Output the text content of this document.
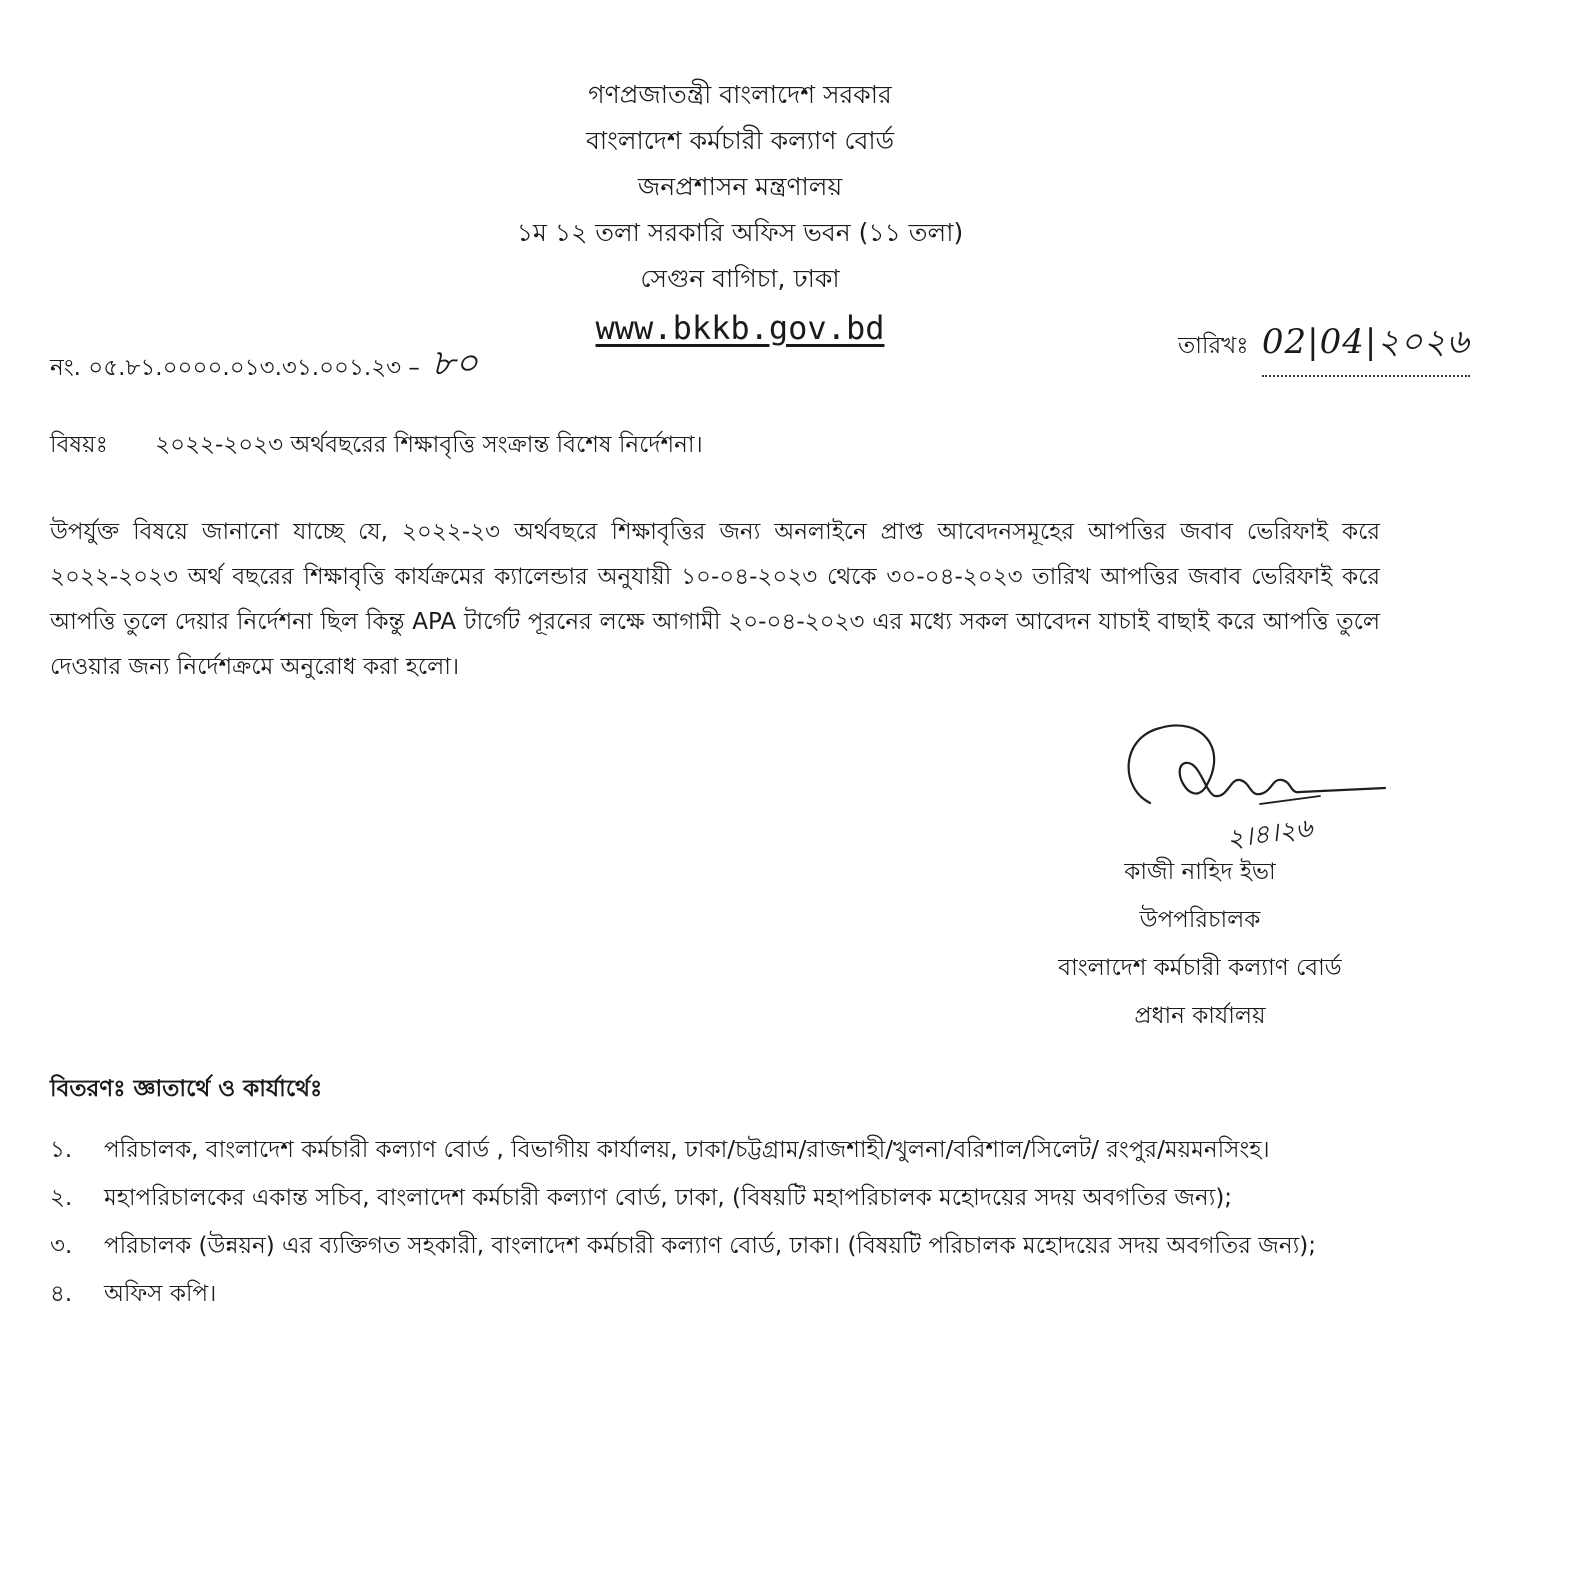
গণপ্রজাতন্ত্রী বাংলাদেশ সরকার
বাংলাদেশ কর্মচারী কল্যাণ বোর্ড
জনপ্রশাসন মন্ত্রণালয়
১ম ১২ তলা সরকারি অফিস ভবন (১১ তলা)
সেগুন বাগিচা, ঢাকা
www.bkkb.gov.bd
নং. ০৫.৮১.০০০০.০১৩.৩১.০০১.২৩ – ৮০	তারিখঃ 02|04|২০২৬
বিষয়ঃ ২০২২-২০২৩ অর্থবছরের শিক্ষাবৃত্তি সংক্রান্ত বিশেষ নির্দেশনা।
উপর্যুক্ত বিষয়ে জানানো যাচ্ছে যে, ২০২২-২৩ অর্থবছরে শিক্ষাবৃত্তির জন্য অনলাইনে প্রাপ্ত আবেদনসমূহের আপত্তির জবাব ভেরিফাই করে ২০২২-২০২৩ অর্থ বছরের শিক্ষাবৃত্তি কার্যক্রমের ক্যালেন্ডার অনুযায়ী ১০-০৪-২০২৩ থেকে ৩০-০৪-২০২৩ তারিখ আপত্তির জবাব ভেরিফাই করে আপত্তি তুলে দেয়ার নির্দেশনা ছিল কিন্তু APA টার্গেট পূরনের লক্ষে আগামী ২০-০৪-২০২৩ এর মধ্যে সকল আবেদন যাচাই বাছাই করে আপত্তি তুলে দেওয়ার জন্য নির্দেশক্রমে অনুরোধ করা হলো।
২।৪।২৬
কাজী নাহিদ ইভা
উপপরিচালক
বাংলাদেশ কর্মচারী কল্যাণ বোর্ড
প্রধান কার্যালয়
বিতরণঃ জ্ঞাতার্থে ও কার্যার্থেঃ
১.	পরিচালক, বাংলাদেশ কর্মচারী কল্যাণ বোর্ড , বিভাগীয় কার্যালয়, ঢাকা/চট্টগ্রাম/রাজশাহী/খুলনা/বরিশাল/সিলেট/ রংপুর/ময়মনসিংহ।
২.	মহাপরিচালকের একান্ত সচিব, বাংলাদেশ কর্মচারী কল্যাণ বোর্ড, ঢাকা, (বিষয়টি মহাপরিচালক মহোদয়ের সদয় অবগতির জন্য);
৩.	পরিচালক (উন্নয়ন) এর ব্যক্তিগত সহকারী, বাংলাদেশ কর্মচারী কল্যাণ বোর্ড, ঢাকা। (বিষয়টি পরিচালক মহোদয়ের সদয় অবগতির জন্য);
৪.	অফিস কপি।
